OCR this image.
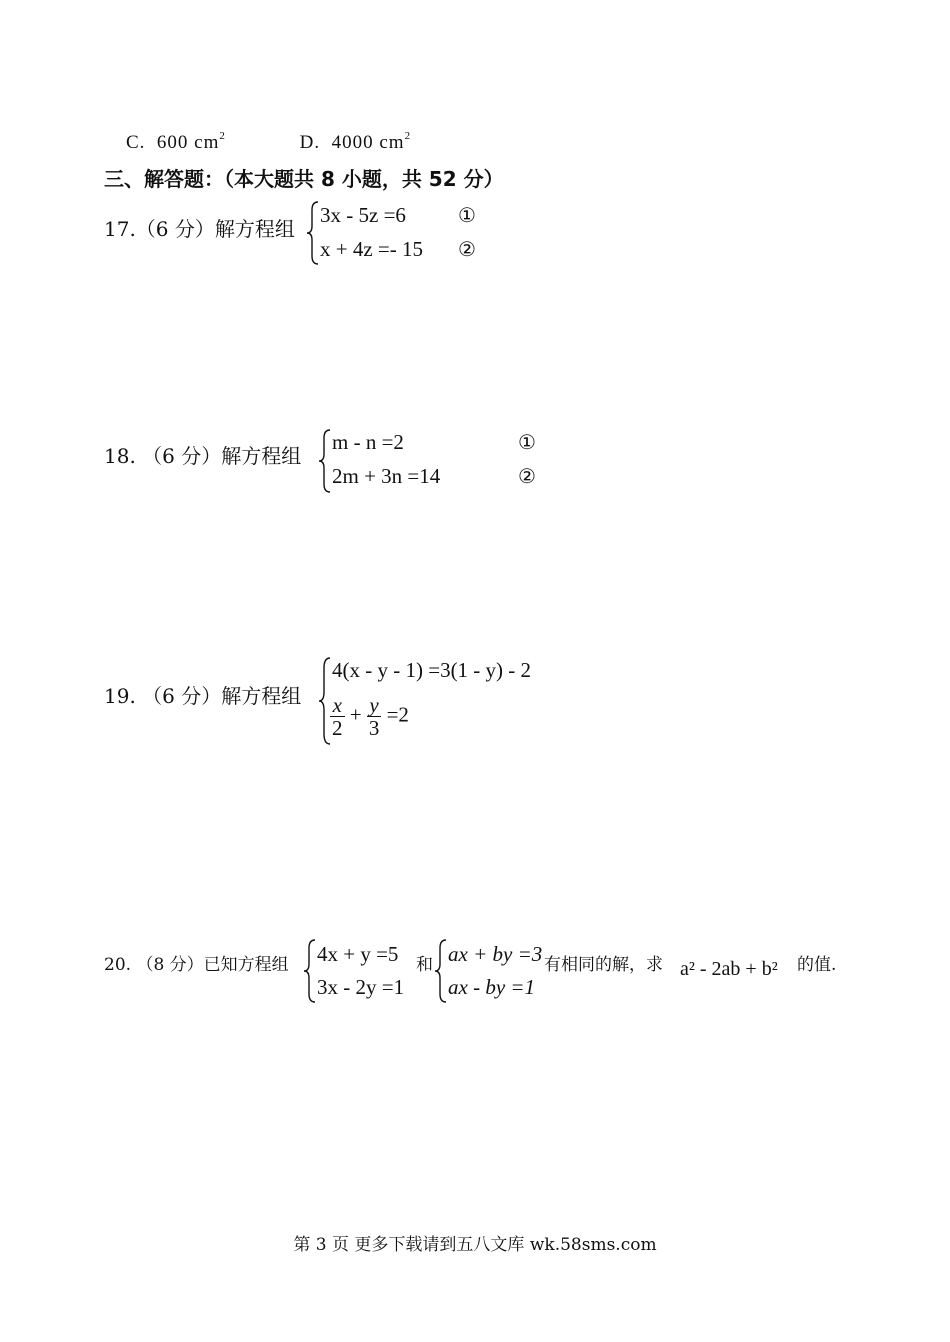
C.  600 $cm^2$	D.  4000 $cm^2$
三、解答题：（本大题共 8 小题，共 52 分）
17.（6 分）解方程组
3x - 5z =6
x + 4z =- 15
①
②
18. （6 分）解方程组
m - n =2
2m + 3n =14
①
②
19. （6 分）解方程组
4(x - y - 1) =3(1 - y) - 2
$\frac{x}{2} + \frac{y}{3} =2$
20. （8 分）已知方程组 4x + y =5
3x - 2y =1
和 ax + by =3
ax - by =1
有相同的解，求 a² - 2ab + b² 的值.
第 3 页 更多下载请到五八文库 wk.58sms.com
